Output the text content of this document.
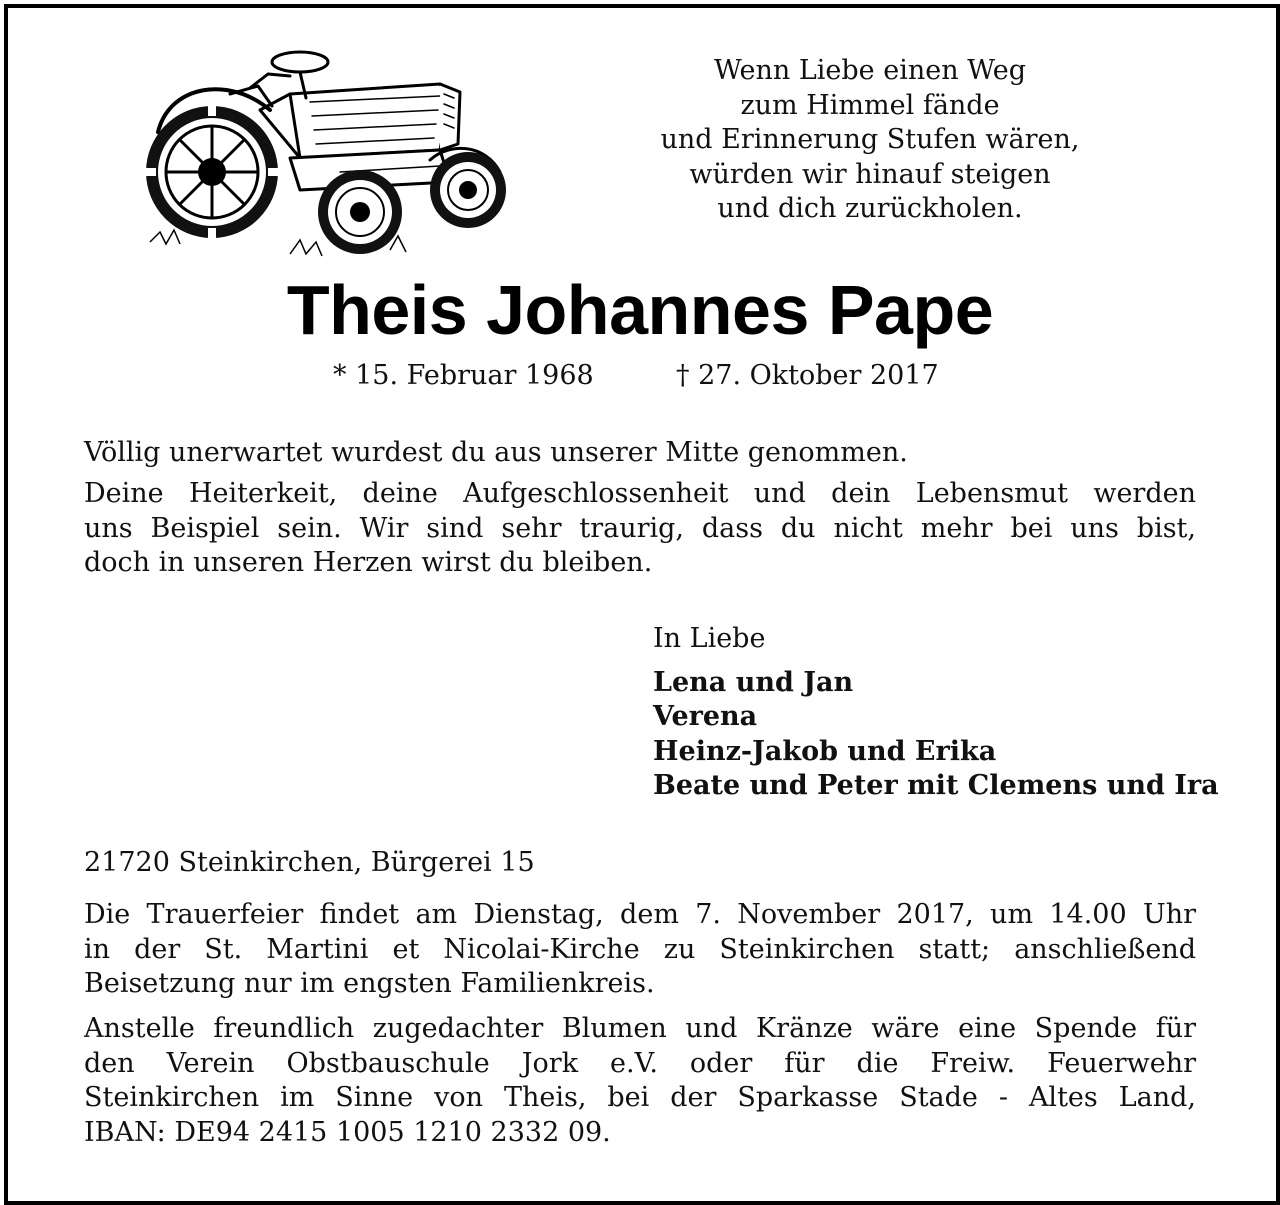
Wenn Liebe einen Weg
zum Himmel fände
und Erinnerung Stufen wären,
würden wir hinauf steigen
und dich zurückholen.
Theis Johannes Pape
* 15. Februar 1968	† 27. Oktober 2017
Völlig unerwartet wurdest du aus unserer Mitte genommen.
Deine Heiterkeit, deine Aufgeschlossenheit und dein Lebensmut werden
uns Beispiel sein. Wir sind sehr traurig, dass du nicht mehr bei uns bist,
doch in unseren Herzen wirst du bleiben.
In Liebe
Lena und Jan
Verena
Heinz-Jakob und Erika
Beate und Peter mit Clemens und Ira
21720 Steinkirchen, Bürgerei 15
Die Trauerfeier findet am Dienstag, dem 7. November 2017, um 14.00 Uhr
in der St. Martini et Nicolai-Kirche zu Steinkirchen statt; anschließend
Beisetzung nur im engsten Familienkreis.
Anstelle freundlich zugedachter Blumen und Kränze wäre eine Spende für
den Verein Obstbauschule Jork e.V. oder für die Freiw. Feuerwehr
Steinkirchen im Sinne von Theis, bei der Sparkasse Stade - Altes Land,
IBAN: DE94 2415 1005 1210 2332 09.
